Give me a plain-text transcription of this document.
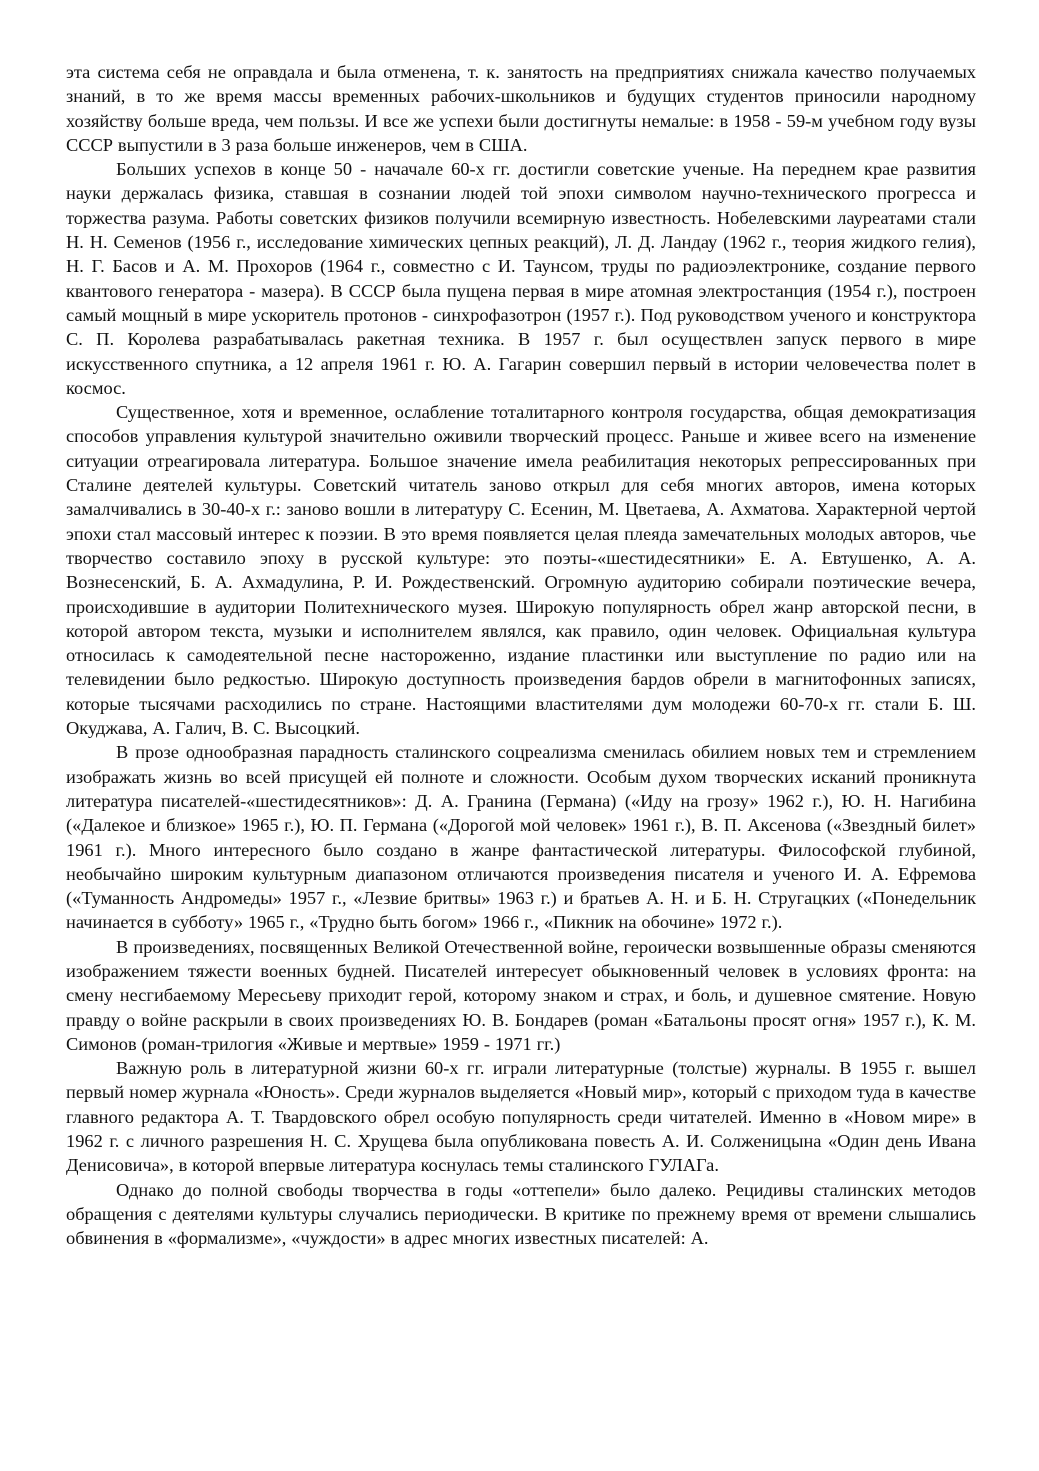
эта система себя не оправдала и была отменена, т. к. занятость на предприятиях снижала качество получаемых знаний, в то же время массы временных рабочих-школьников и будущих студентов приносили народному хозяйству больше вреда, чем пользы. И все же успехи были достигнуты немалые: в 1958 - 59-м учебном году вузы СССР выпустили в 3 раза больше инженеров, чем в США.

Больших успехов в конце 50 - начачале 60-х гг. достигли советские ученые. На переднем крае развития науки держалась физика, ставшая в сознании людей той эпохи символом научно-технического прогресса и торжества разума. Работы советских физиков получили всемирную известность. Нобелевскими лауреатами стали Н. Н. Семенов (1956 г., исследование химических цепных реакций), Л. Д. Ландау (1962 г., теория жидкого гелия), Н. Г. Басов и А. М. Прохоров (1964 г., совместно с И. Таунсом, труды по радиоэлектронике, создание первого квантового генератора - мазера). В СССР была пущена первая в мире атомная электростанция (1954 г.), построен самый мощный в мире ускоритель протонов - синхрофазотрон (1957 г.). Под руководством ученого и конструктора С. П. Королева разрабатывалась ракетная техника. В 1957 г. был осуществлен запуск первого в мире искусственного спутника, а 12 апреля 1961 г. Ю. А. Гагарин совершил первый в истории человечества полет в космос.

Существенное, хотя и временное, ослабление тоталитарного контроля государства, общая демократизация способов управления культурой значительно оживили творческий процесс. Раньше и живее всего на изменение ситуации отреагировала литература. Большое значение имела реабилитация некоторых репрессированных при Сталине деятелей культуры. Советский читатель заново открыл для себя многих авторов, имена которых замалчивались в 30-40-х г.: заново вошли в литературу С. Есенин, М. Цветаева, А. Ахматова. Характерной чертой эпохи стал массовый интерес к поэзии. В это время появляется целая плеяда замечательных молодых авторов, чье творчество составило эпоху в русской культуре: это поэты-«шестидесятники» Е. А. Евтушенко, А. А. Вознесенский, Б. А. Ахмадулина, Р. И. Рождественский. Огромную аудиторию собирали поэтические вечера, происходившие в аудитории Политехнического музея. Широкую популярность обрел жанр авторской песни, в которой автором текста, музыки и исполнителем являлся, как правило, один человек. Официальная культура относилась к самодеятельной песне настороженно, издание пластинки или выступление по радио или на телевидении было редкостью. Широкую доступность произведения бардов обрели в магнитофонных записях, которые тысячами расходились по стране. Настоящими властителями дум молодежи 60-70-х гг. стали Б. Ш. Окуджава, А. Галич, В. С. Высоцкий.

В прозе однообразная парадность сталинского соцреализма сменилась обилием новых тем и стремлением изображать жизнь во всей присущей ей полноте и сложности. Особым духом творческих исканий проникнута литература писателей-«шестидесятников»: Д. А. Гранина (Германа) («Иду на грозу» 1962 г.), Ю. Н. Нагибина («Далекое и близкое» 1965 г.), Ю. П. Германа («Дорогой мой человек» 1961 г.), В. П. Аксенова («Звездный билет» 1961 г.). Много интересного было создано в жанре фантастической литературы. Философской глубиной, необычайно широким культурным диапазоном отличаются произведения писателя и ученого И. А. Ефремова («Туманность Андромеды» 1957 г., «Лезвие бритвы» 1963 г.) и братьев А. Н. и Б. Н. Стругацких («Понедельник начинается в субботу» 1965 г., «Трудно быть богом» 1966 г., «Пикник на обочине» 1972 г.).

В произведениях, посвященных Великой Отечественной войне, героически возвышенные образы сменяются изображением тяжести военных будней. Писателей интересует обыкновенный человек в условиях фронта: на смену несгибаемому Мересьеву приходит герой, которому знаком и страх, и боль, и душевное смятение. Новую правду о войне раскрыли в своих произведениях Ю. В. Бондарев (роман «Батальоны просят огня» 1957 г.), К. М. Симонов (роман-трилогия «Живые и мертвые» 1959 - 1971 гг.)

Важную роль в литературной жизни 60-х гг. играли литературные (толстые) журналы. В 1955 г. вышел первый номер журнала «Юность». Среди журналов выделяется «Новый мир», который с приходом туда в качестве главного редактора А. Т. Твардовского обрел особую популярность среди читателей. Именно в «Новом мире» в 1962 г. с личного разрешения Н. С. Хрущева была опубликована повесть А. И. Солженицына «Один день Ивана Денисовича», в которой впервые литература коснулась темы сталинского ГУЛАГа.

Однако до полной свободы творчества в годы «оттепели» было далеко. Рецидивы сталинских методов обращения с деятелями культуры случались периодически. В критике по прежнему время от времени слышались обвинения в «формализме», «чуждости» в адрес многих известных писателей: А.
